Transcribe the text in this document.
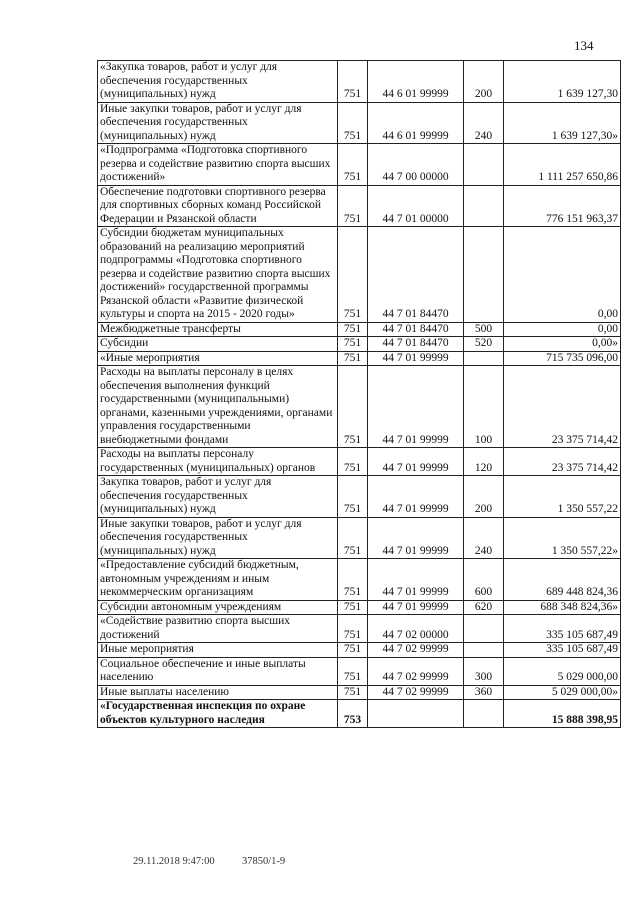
134
«Закупка товаров, работ и услуг для обеспечения государственных (муниципальных) нужд	751	44 6 01 99999	200	1 639 127,30
Иные закупки товаров, работ и услуг для обеспечения государственных (муниципальных) нужд	751	44 6 01 99999	240	1 639 127,30»
«Подпрограмма «Подготовка спортивного резерва и содействие развитию спорта высших достижений»	751	44 7 00 00000		1 111 257 650,86
Обеспечение подготовки спортивного резерва для спортивных сборных команд Российской Федерации и Рязанской области	751	44 7 01 00000		776 151 963,37
Субсидии бюджетам муниципальных образований на реализацию мероприятий подпрограммы «Подготовка спортивного резерва и содействие развитию спорта высших достижений» государственной программы Рязанской области «Развитие физической культуры и спорта на 2015 - 2020 годы»	751	44 7 01 84470		0,00
Межбюджетные трансферты	751	44 7 01 84470	500	0,00
Субсидии	751	44 7 01 84470	520	0,00»
«Иные мероприятия	751	44 7 01 99999		715 735 096,00
Расходы на выплаты персоналу в целях обеспечения выполнения функций государственными (муниципальными) органами, казенными учреждениями, органами управления государственными внебюджетными фондами	751	44 7 01 99999	100	23 375 714,42
Расходы на выплаты персоналу государственных (муниципальных) органов	751	44 7 01 99999	120	23 375 714,42
Закупка товаров, работ и услуг для обеспечения государственных (муниципальных) нужд	751	44 7 01 99999	200	1 350 557,22
Иные закупки товаров, работ и услуг для обеспечения государственных (муниципальных) нужд	751	44 7 01 99999	240	1 350 557,22»
«Предоставление субсидий бюджетным, автономным учреждениям и иным некоммерческим организациям	751	44 7 01 99999	600	689 448 824,36
Субсидии автономным учреждениям	751	44 7 01 99999	620	688 348 824,36»
«Содействие развитию спорта высших достижений	751	44 7 02 00000		335 105 687,49
Иные мероприятия	751	44 7 02 99999		335 105 687,49
Социальное обеспечение и иные выплаты населению	751	44 7 02 99999	300	5 029 000,00
Иные выплаты населению	751	44 7 02 99999	360	5 029 000,00»
«Государственная инспекция по охране объектов культурного наследия	753			15 888 398,95
29.11.2018 9:47:00	37850/1-9
